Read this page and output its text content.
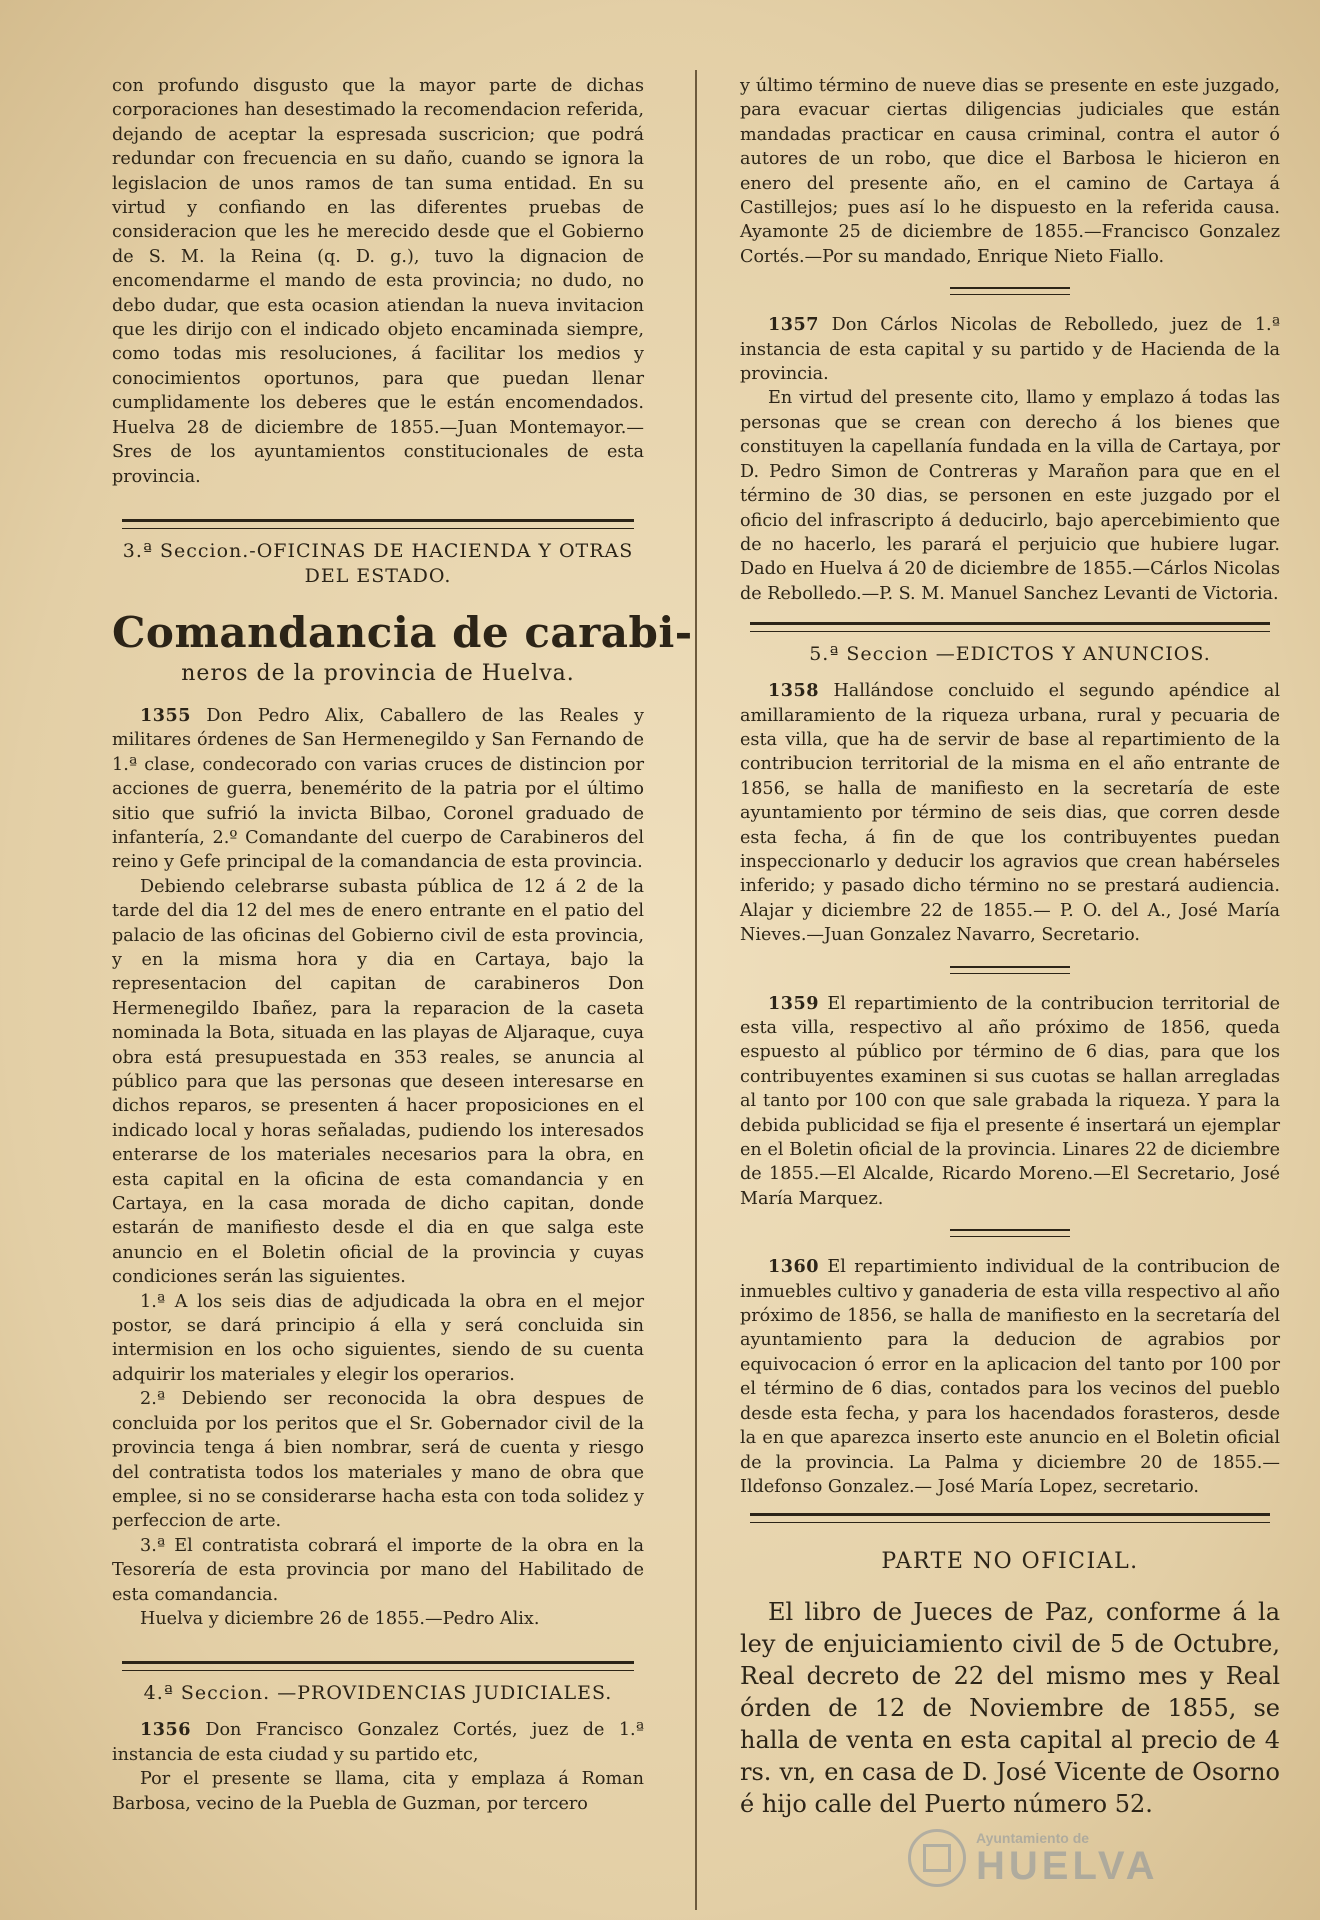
con profundo disgusto que la mayor parte de dichas corporaciones han desestimado la recomendacion referida, dejando de aceptar la espresada suscricion; que podrá redundar con frecuencia en su daño, cuando se ignora la legislacion de unos ramos de tan suma entidad. En su virtud y confiando en las diferentes pruebas de consideracion que les he merecido desde que el Gobierno de S. M. la Reina (q. D. g.), tuvo la dignacion de encomendarme el mando de esta provincia; no dudo, no debo dudar, que esta ocasion atiendan la nueva invitacion que les dirijo con el indicado objeto encaminada siempre, como todas mis resoluciones, á facilitar los medios y conocimientos oportunos, para que puedan llenar cumplidamente los deberes que le están encomendados. Huelva 28 de diciembre de 1855.—Juan Montemayor.—Sres de los ayuntamientos constitucionales de esta provincia.

3.ª Seccion.-OFICINAS DE HACIENDA Y OTRAS DEL ESTADO.
Comandancia de carabi-
neros de la provincia de Huelva.

1355 Don Pedro Alix, Caballero de las Reales y militares órdenes de San Hermenegildo y San Fernando de 1.ª clase, condecorado con varias cruces de distincion por acciones de guerra, benemérito de la patria por el último sitio que sufrió la invicta Bilbao, Coronel graduado de infantería, 2.º Comandante del cuerpo de Carabineros del reino y Gefe principal de la comandancia de esta provincia.

Debiendo celebrarse subasta pública de 12 á 2 de la tarde del dia 12 del mes de enero entrante en el patio del palacio de las oficinas del Gobierno civil de esta provincia, y en la misma hora y dia en Cartaya, bajo la representacion del capitan de carabineros Don Hermenegildo Ibañez, para la reparacion de la caseta nominada la Bota, situada en las playas de Aljaraque, cuya obra está presupuestada en 353 reales, se anuncia al público para que las personas que deseen interesarse en dichos reparos, se presenten á hacer proposiciones en el indicado local y horas señaladas, pudiendo los interesados enterarse de los materiales necesarios para la obra, en esta capital en la oficina de esta comandancia y en Cartaya, en la casa morada de dicho capitan, donde estarán de manifiesto desde el dia en que salga este anuncio en el Boletin oficial de la provincia y cuyas condiciones serán las siguientes.

1.ª A los seis dias de adjudicada la obra en el mejor postor, se dará principio á ella y será concluida sin intermision en los ocho siguientes, siendo de su cuenta adquirir los materiales y elegir los operarios.

2.ª Debiendo ser reconocida la obra despues de concluida por los peritos que el Sr. Gobernador civil de la provincia tenga á bien nombrar, será de cuenta y riesgo del contratista todos los materiales y mano de obra que emplee, si no se considerarse hacha esta con toda solidez y perfeccion de arte.

3.ª El contratista cobrará el importe de la obra en la Tesorería de esta provincia por mano del Habilitado de esta comandancia.

Huelva y diciembre 26 de 1855.—Pedro Alix.

4.ª Seccion. —PROVIDENCIAS JUDICIALES.

1356 Don Francisco Gonzalez Cortés, juez de 1.ª instancia de esta ciudad y su partido etc,

Por el presente se llama, cita y emplaza á Roman Barbosa, vecino de la Puebla de Guzman, por tercero

y último término de nueve dias se presente en este juzgado, para evacuar ciertas diligencias judiciales que están mandadas practicar en causa criminal, contra el autor ó autores de un robo, que dice el Barbosa le hicieron en enero del presente año, en el camino de Cartaya á Castillejos; pues así lo he dispuesto en la referida causa. Ayamonte 25 de diciembre de 1855.—Francisco Gonzalez Cortés.—Por su mandado, Enrique Nieto Fiallo.

1357 Don Cárlos Nicolas de Rebolledo, juez de 1.ª instancia de esta capital y su partido y de Hacienda de la provincia.

En virtud del presente cito, llamo y emplazo á todas las personas que se crean con derecho á los bienes que constituyen la capellanía fundada en la villa de Cartaya, por D. Pedro Simon de Contreras y Marañon para que en el término de 30 dias, se personen en este juzgado por el oficio del infrascripto á deducirlo, bajo apercebimiento que de no hacerlo, les parará el perjuicio que hubiere lugar. Dado en Huelva á 20 de diciembre de 1855.—Cárlos Nicolas de Rebolledo.—P. S. M. Manuel Sanchez Levanti de Victoria.

5.ª Seccion —EDICTOS Y ANUNCIOS.

1358 Hallándose concluido el segundo apéndice al amillaramiento de la riqueza urbana, rural y pecuaria de esta villa, que ha de servir de base al repartimiento de la contribucion territorial de la misma en el año entrante de 1856, se halla de manifiesto en la secretaría de este ayuntamiento por término de seis dias, que corren desde esta fecha, á fin de que los contribuyentes puedan inspeccionarlo y deducir los agravios que crean habérseles inferido; y pasado dicho término no se prestará audiencia. Alajar y diciembre 22 de 1855.— P. O. del A., José María Nieves.—Juan Gonzalez Navarro, Secretario.

1359 El repartimiento de la contribucion territorial de esta villa, respectivo al año próximo de 1856, queda espuesto al público por término de 6 dias, para que los contribuyentes examinen si sus cuotas se hallan arregladas al tanto por 100 con que sale grabada la riqueza. Y para la debida publicidad se fija el presente é insertará un ejemplar en el Boletin oficial de la provincia. Linares 22 de diciembre de 1855.—El Alcalde, Ricardo Moreno.—El Secretario, José María Marquez.

1360 El repartimiento individual de la contribucion de inmuebles cultivo y ganaderia de esta villa respectivo al año próximo de 1856, se halla de manifiesto en la secretaría del ayuntamiento para la deducion de agrabios por equivocacion ó error en la aplicacion del tanto por 100 por el término de 6 dias, contados para los vecinos del pueblo desde esta fecha, y para los hacendados forasteros, desde la en que aparezca inserto este anuncio en el Boletin oficial de la provincia. La Palma y diciembre 20 de 1855.—Ildefonso Gonzalez.— José María Lopez, secretario.

PARTE NO OFICIAL.

El libro de Jueces de Paz, conforme á la ley de enjuiciamiento civil de 5 de Octubre, Real decreto de 22 del mismo mes y Real órden de 12 de Noviembre de 1855, se halla de venta en esta capital al precio de 4 rs. vn, en casa de D. José Vicente de Osorno é hijo calle del Puerto número 52.

Ayuntamiento de
HUELVA
